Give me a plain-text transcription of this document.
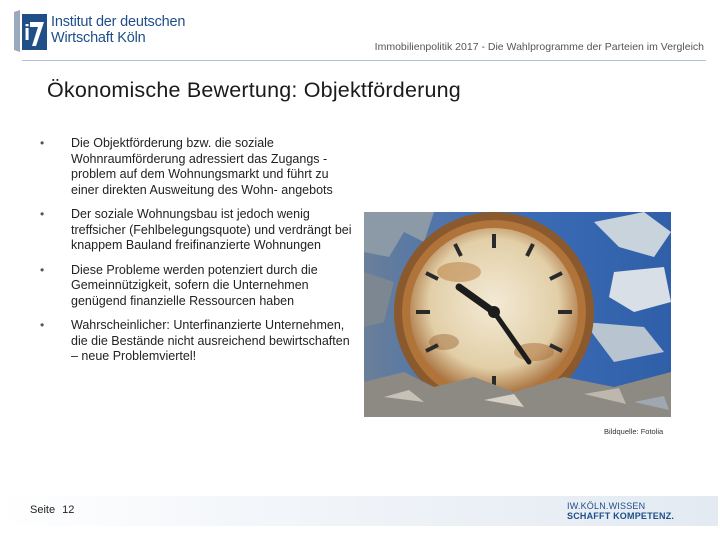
i Institut der deutschen
Wirtschaft Köln
Immobilienpolitik 2017 - Die Wahlprogramme der Parteien im Vergleich
Ökonomische Bewertung: Objektförderung
• Die Objektförderung bzw. die soziale Wohnraumförderung adressiert das Zugangs -problem auf dem Wohnungsmarkt und führt zu einer direkten Ausweitung des Wohn- angebots
• Der soziale Wohnungsbau ist jedoch wenig treffsicher (Fehlbelegungsquote) und verdrängt bei knappem Bauland freifinanzierte Wohnungen
• Diese Probleme werden potenziert durch die Gemeinnützigkeit, sofern die Unternehmen genügend finanzielle Ressourcen haben
• Wahrscheinlicher: Unterfinanzierte Unternehmen, die die Bestände nicht ausreichend bewirtschaften – neue Problemviertel!
Bildquelle: Fotolia
Seite 12	IW.KÖLN.WISSEN
SCHAFFT KOMPETENZ.
